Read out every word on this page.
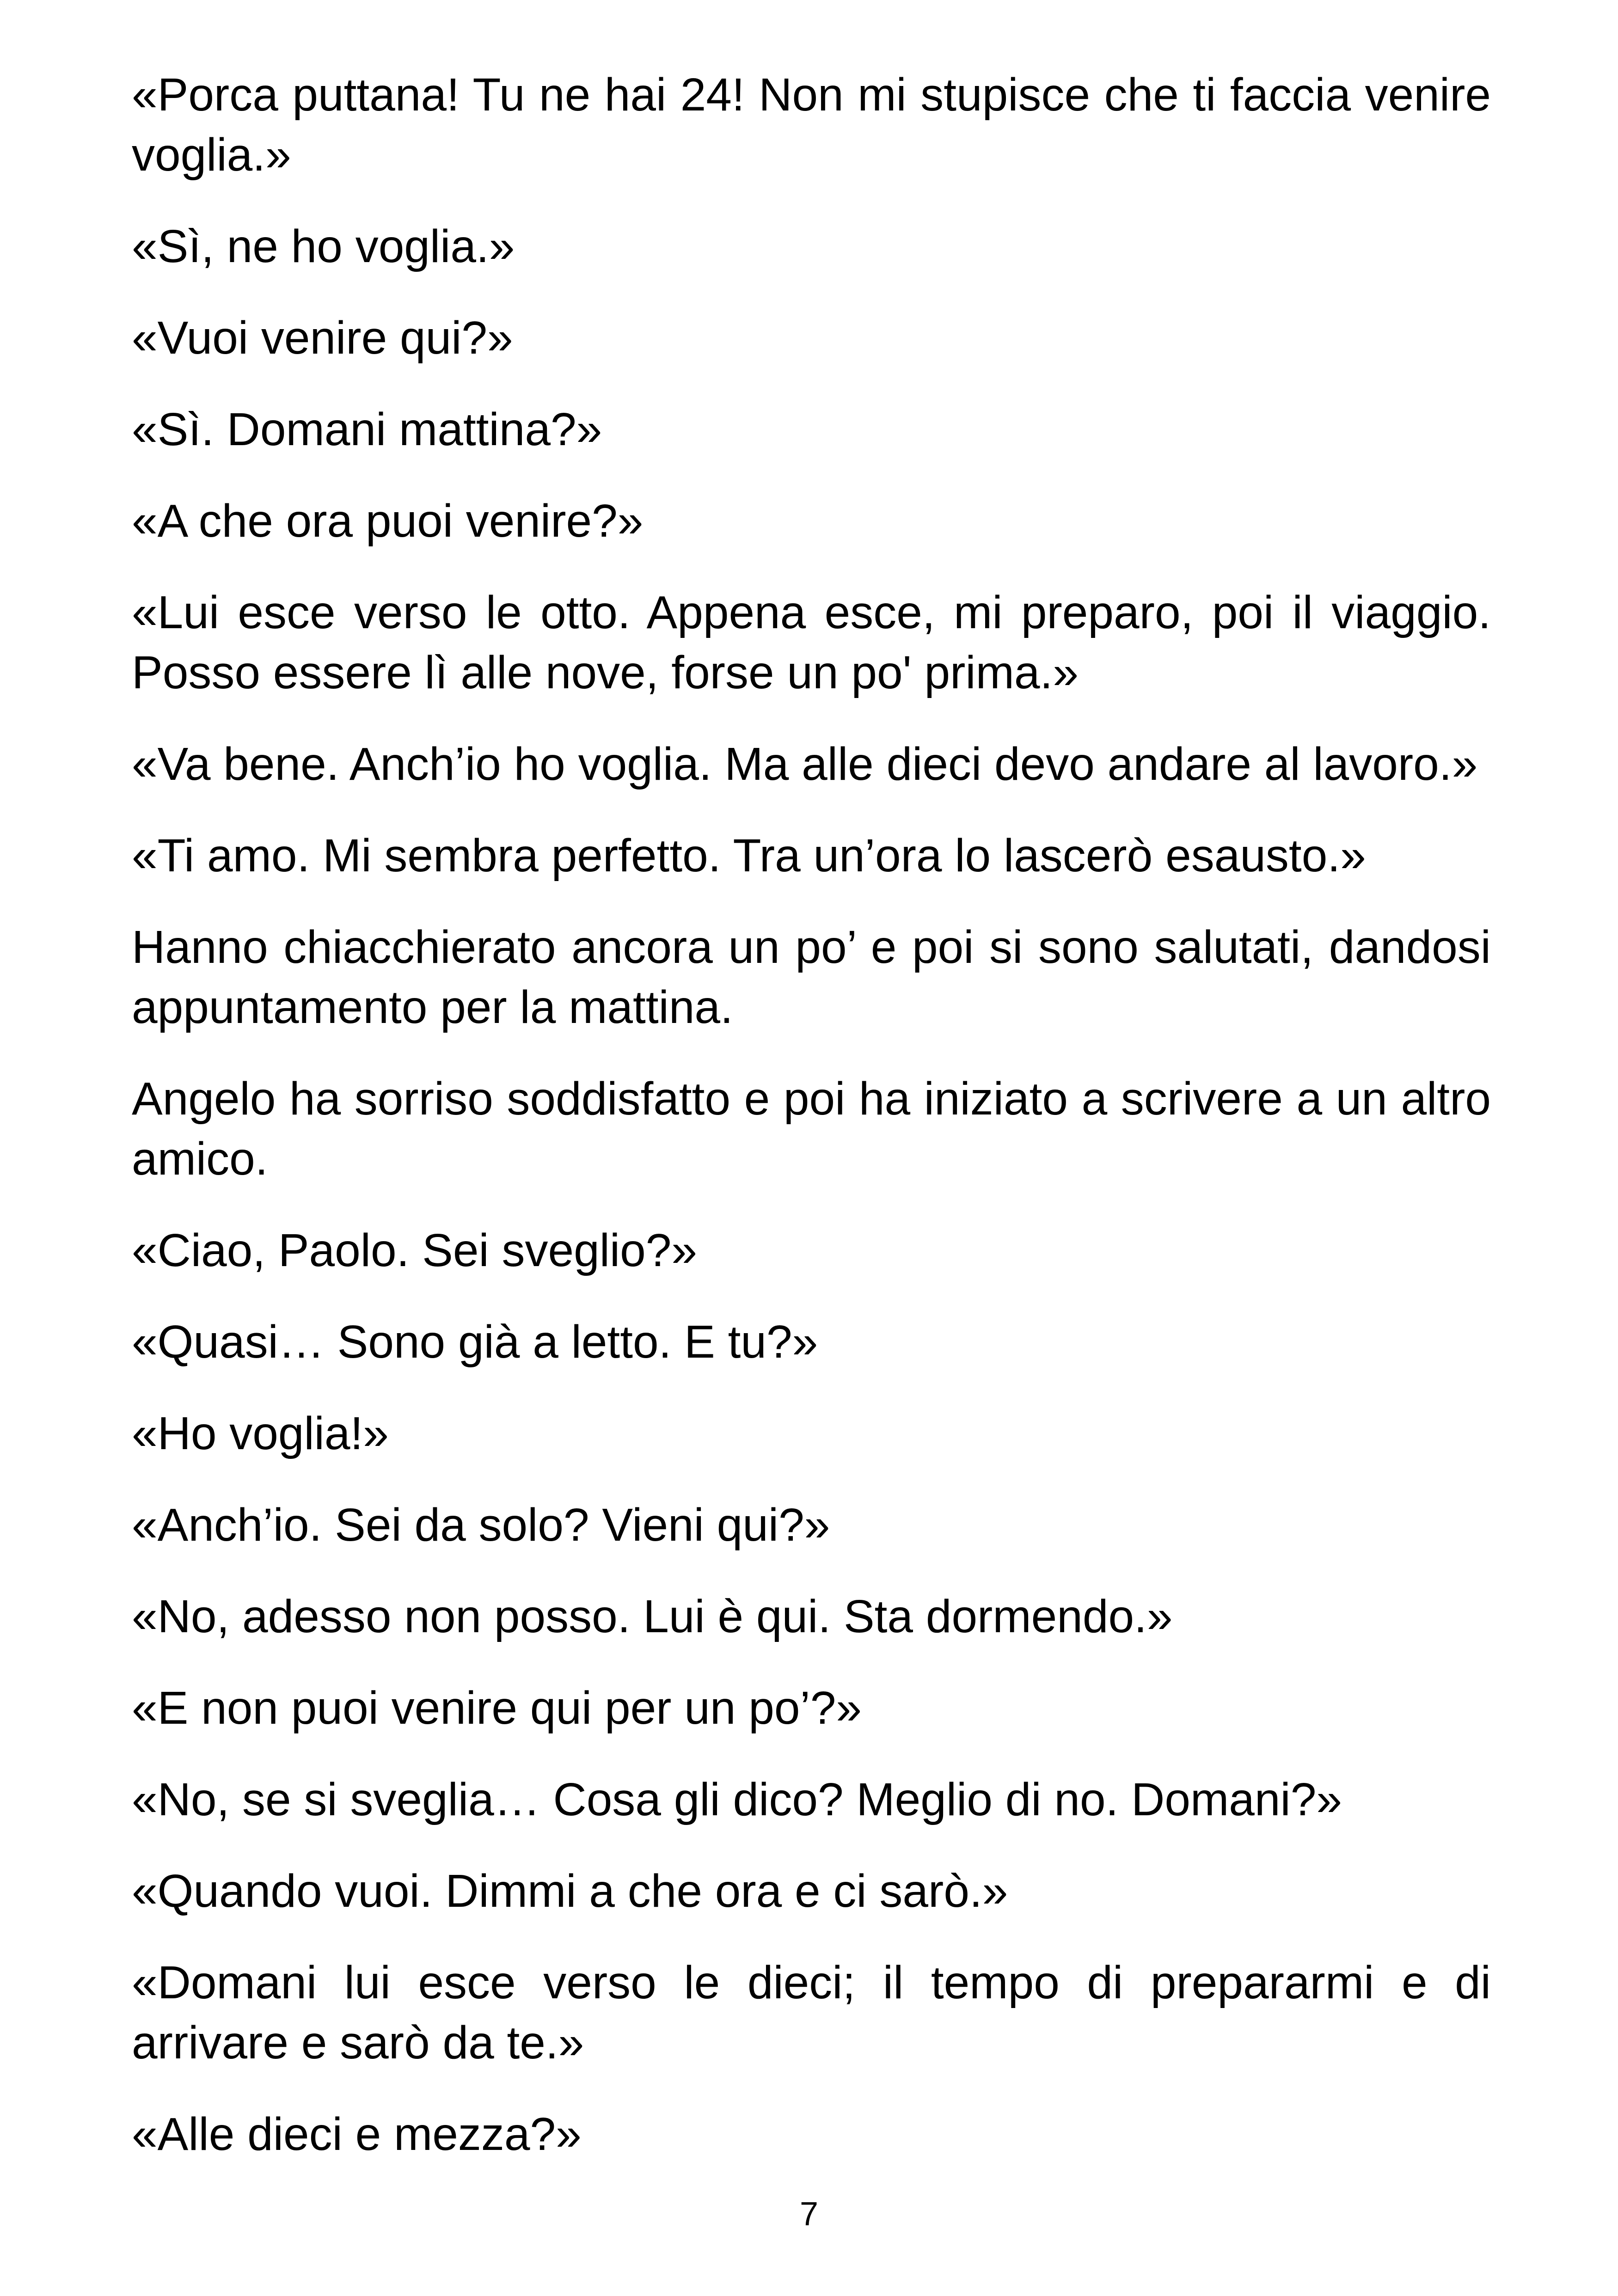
«Porca puttana! Tu ne hai 24! Non mi stupisce che ti faccia venire voglia.»

«Sì, ne ho voglia.»

«Vuoi venire qui?»

«Sì. Domani mattina?»

«A che ora puoi venire?»

«Lui esce verso le otto. Appena esce, mi preparo, poi il viaggio. Posso essere lì alle nove, forse un po' prima.»

«Va bene. Anch’io ho voglia. Ma alle dieci devo andare al lavoro.»

«Ti amo. Mi sembra perfetto. Tra un’ora lo lascerò esausto.»

Hanno chiacchierato ancora un po’ e poi si sono salutati, dandosi appuntamento per la mattina.

Angelo ha sorriso soddisfatto e poi ha iniziato a scrivere a un altro amico.

«Ciao, Paolo. Sei sveglio?»

«Quasi… Sono già a letto. E tu?»

«Ho voglia!»

«Anch’io. Sei da solo? Vieni qui?»

«No, adesso non posso. Lui è qui. Sta dormendo.»

«E non puoi venire qui per un po’?»

«No, se si sveglia… Cosa gli dico? Meglio di no. Domani?»

«Quando vuoi. Dimmi a che ora e ci sarò.»

«Domani lui esce verso le dieci; il tempo di prepararmi e di arrivare e sarò da te.»

«Alle dieci e mezza?»

7
